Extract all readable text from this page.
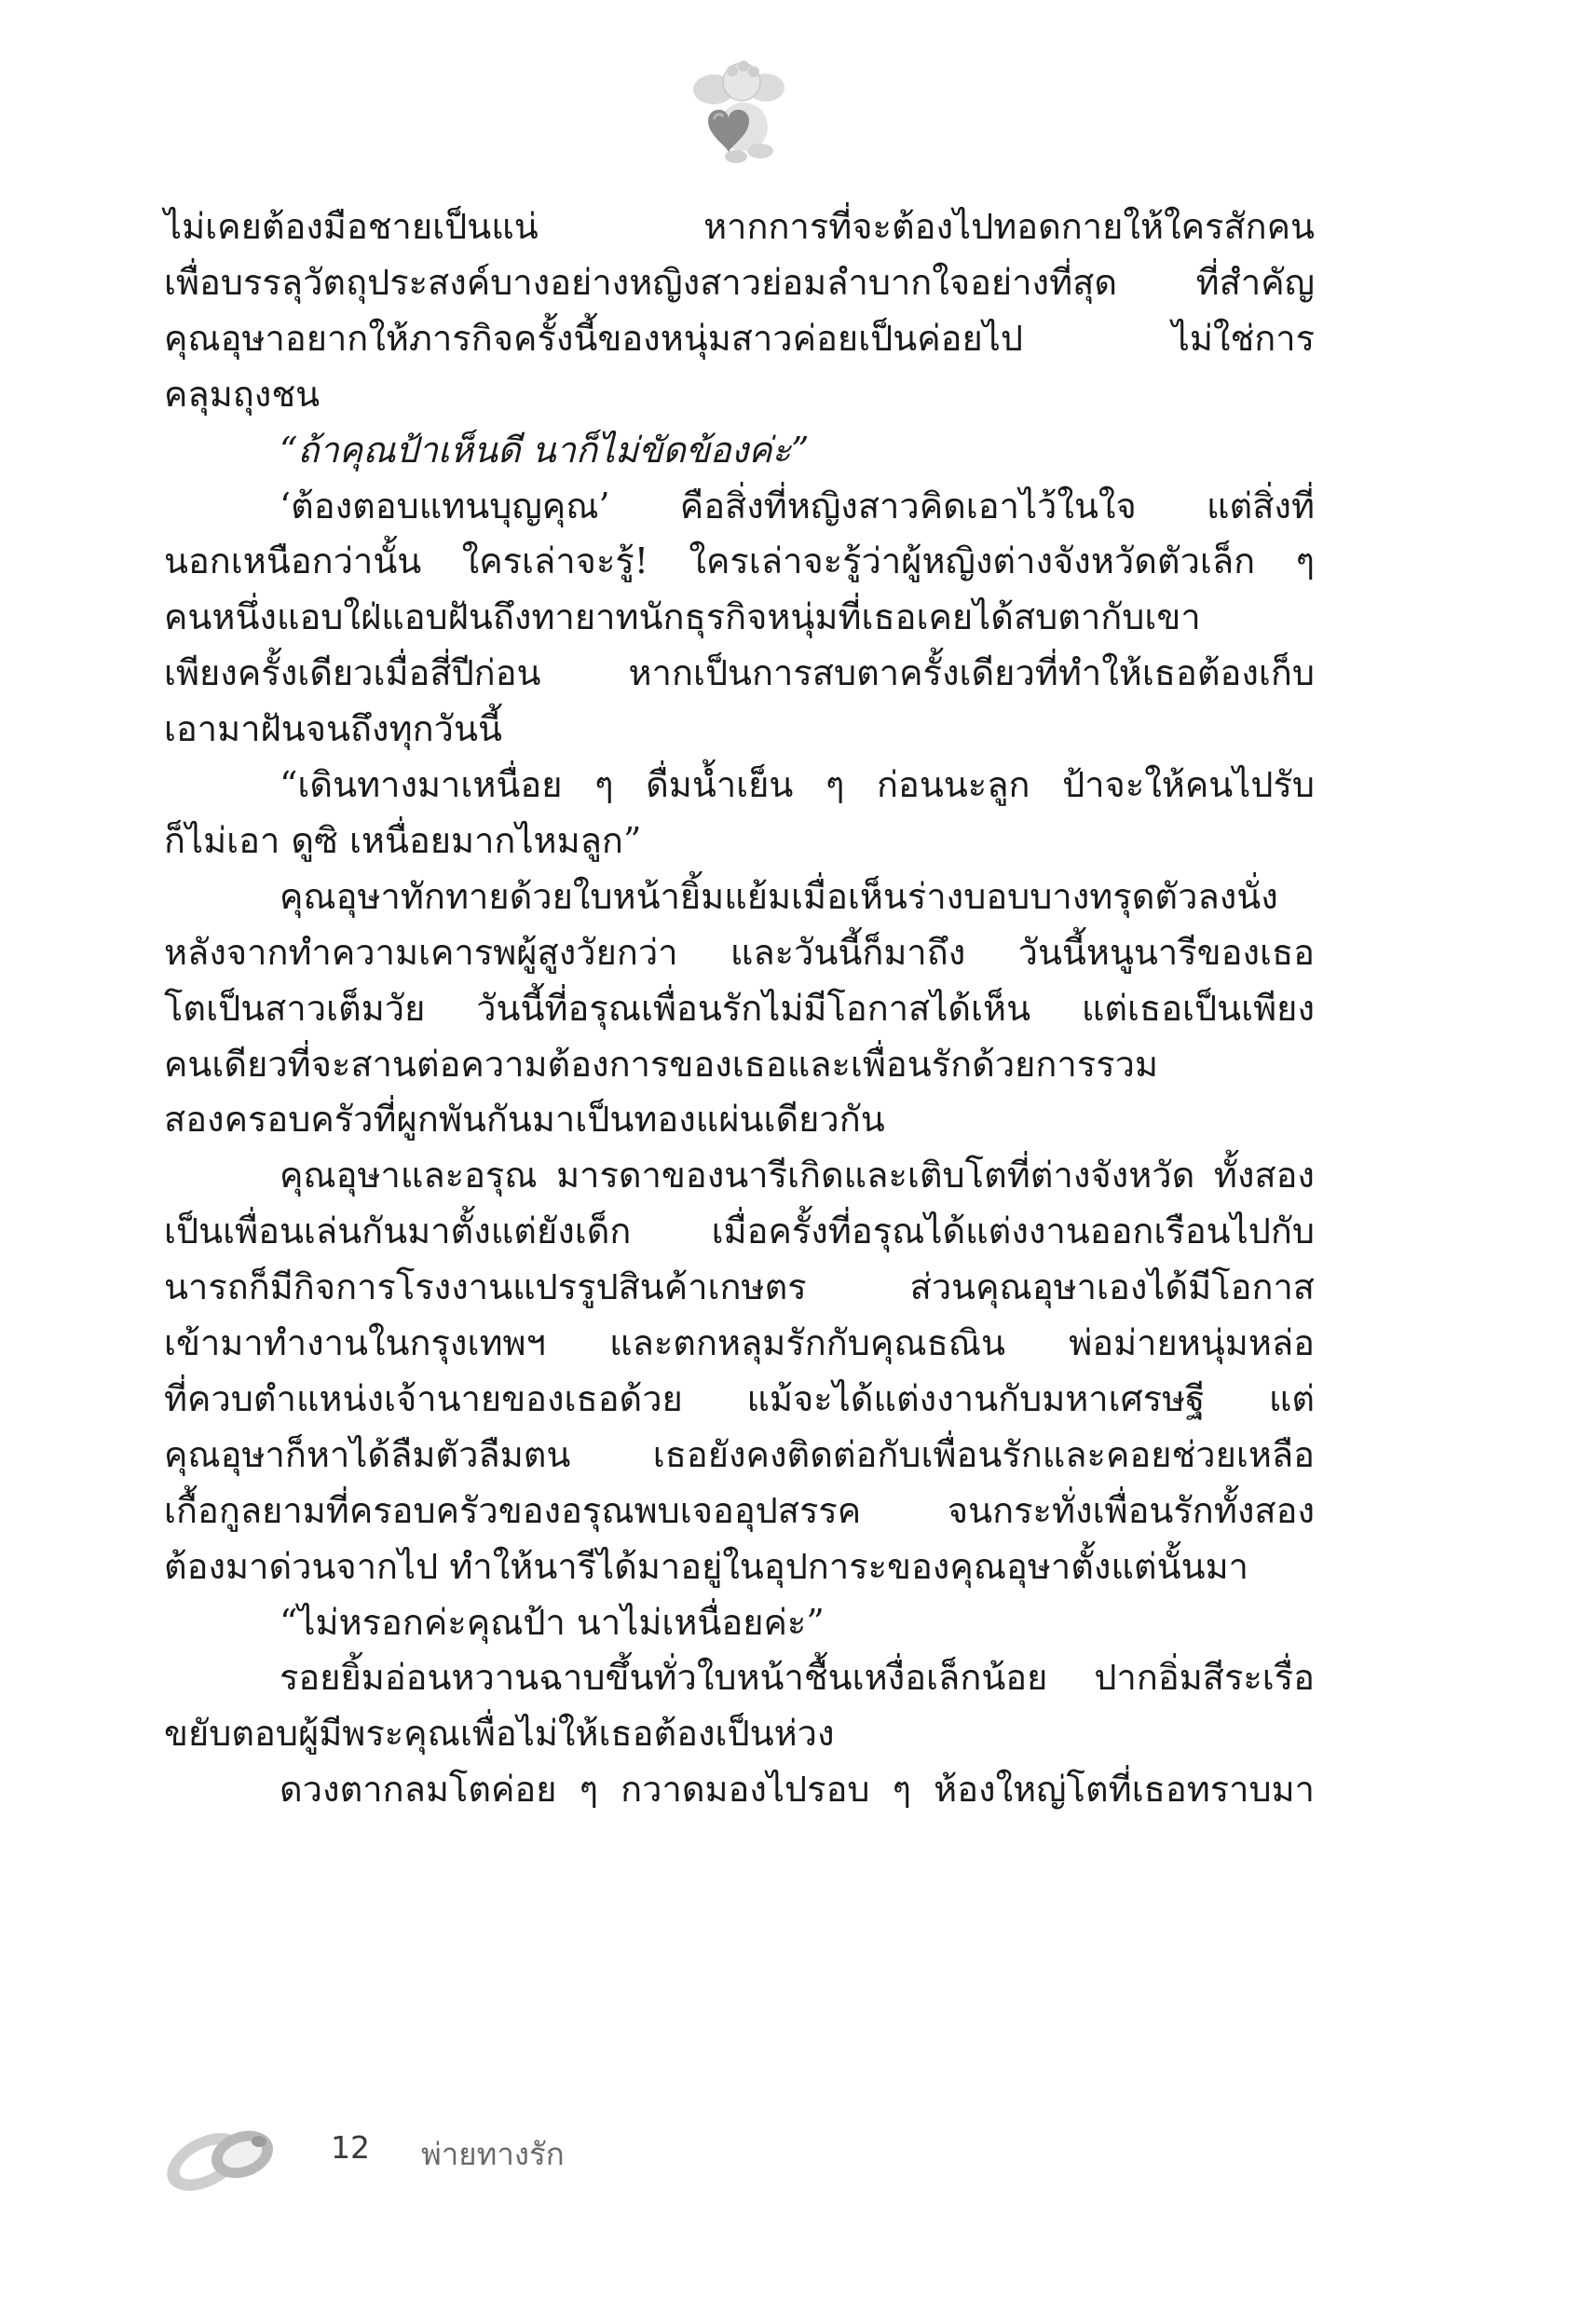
ไม่เคยต้องมือชายเป็นแน่ หากการที่จะต้องไปทอดกายให้ใครสักคน
เพื่อบรรลุวัตถุประสงค์บางอย่างหญิงสาวย่อมลำบากใจอย่างที่สุด ที่สำคัญ
คุณอุษาอยากให้ภารกิจครั้งนี้ของหนุ่มสาวค่อยเป็นค่อยไป ไม่ใช่การ
คลุมถุงชน
“ถ้าคุณป้าเห็นดี นาก็ไม่ขัดข้องค่ะ”
‘ต้องตอบแทนบุญคุณ’ คือสิ่งที่หญิงสาวคิดเอาไว้ในใจ แต่สิ่งที่
นอกเหนือกว่านั้น ใครเล่าจะรู้! ใครเล่าจะรู้ว่าผู้หญิงต่างจังหวัดตัวเล็ก ๆ
คนหนึ่งแอบใฝ่แอบฝันถึงทายาทนักธุรกิจหนุ่มที่เธอเคยได้สบตากับเขา
เพียงครั้งเดียวเมื่อสี่ปีก่อน หากเป็นการสบตาครั้งเดียวที่ทำให้เธอต้องเก็บ
เอามาฝันจนถึงทุกวันนี้
“เดินทางมาเหนื่อย ๆ ดื่มน้ำเย็น ๆ ก่อนนะลูก ป้าจะให้คนไปรับ
ก็ไม่เอา ดูซิ เหนื่อยมากไหมลูก”
คุณอุษาทักทายด้วยใบหน้ายิ้มแย้มเมื่อเห็นร่างบอบบางทรุดตัวลงนั่ง
หลังจากทำความเคารพผู้สูงวัยกว่า และวันนี้ก็มาถึง วันนี้หนูนารีของเธอ
โตเป็นสาวเต็มวัย วันนี้ที่อรุณเพื่อนรักไม่มีโอกาสได้เห็น แต่เธอเป็นเพียง
คนเดียวที่จะสานต่อความต้องการของเธอและเพื่อนรักด้วยการรวม
สองครอบครัวที่ผูกพันกันมาเป็นทองแผ่นเดียวกัน
คุณอุษาและอรุณ มารดาของนารีเกิดและเติบโตที่ต่างจังหวัด ทั้งสอง
เป็นเพื่อนเล่นกันมาตั้งแต่ยังเด็ก เมื่อครั้งที่อรุณได้แต่งงานออกเรือนไปกับ
นารถก็มีกิจการโรงงานแปรรูปสินค้าเกษตร ส่วนคุณอุษาเองได้มีโอกาส
เข้ามาทำงานในกรุงเทพฯ และตกหลุมรักกับคุณธณิน พ่อม่ายหนุ่มหล่อ
ที่ควบตำแหน่งเจ้านายของเธอด้วย แม้จะได้แต่งงานกับมหาเศรษฐี แต่
คุณอุษาก็หาได้ลืมตัวลืมตน เธอยังคงติดต่อกับเพื่อนรักและคอยช่วยเหลือ
เกื้อกูลยามที่ครอบครัวของอรุณพบเจออุปสรรค จนกระทั่งเพื่อนรักทั้งสอง
ต้องมาด่วนจากไป ทำให้นารีได้มาอยู่ในอุปการะของคุณอุษาตั้งแต่นั้นมา
“ไม่หรอกค่ะคุณป้า นาไม่เหนื่อยค่ะ”
รอยยิ้มอ่อนหวานฉาบขึ้นทั่วใบหน้าชื้นเหงื่อเล็กน้อย ปากอิ่มสีระเรื่อ
ขยับตอบผู้มีพระคุณเพื่อไม่ให้เธอต้องเป็นห่วง
ดวงตากลมโตค่อย ๆ กวาดมองไปรอบ ๆ ห้องใหญ่โตที่เธอทราบมา
12 พ่ายทางรัก
